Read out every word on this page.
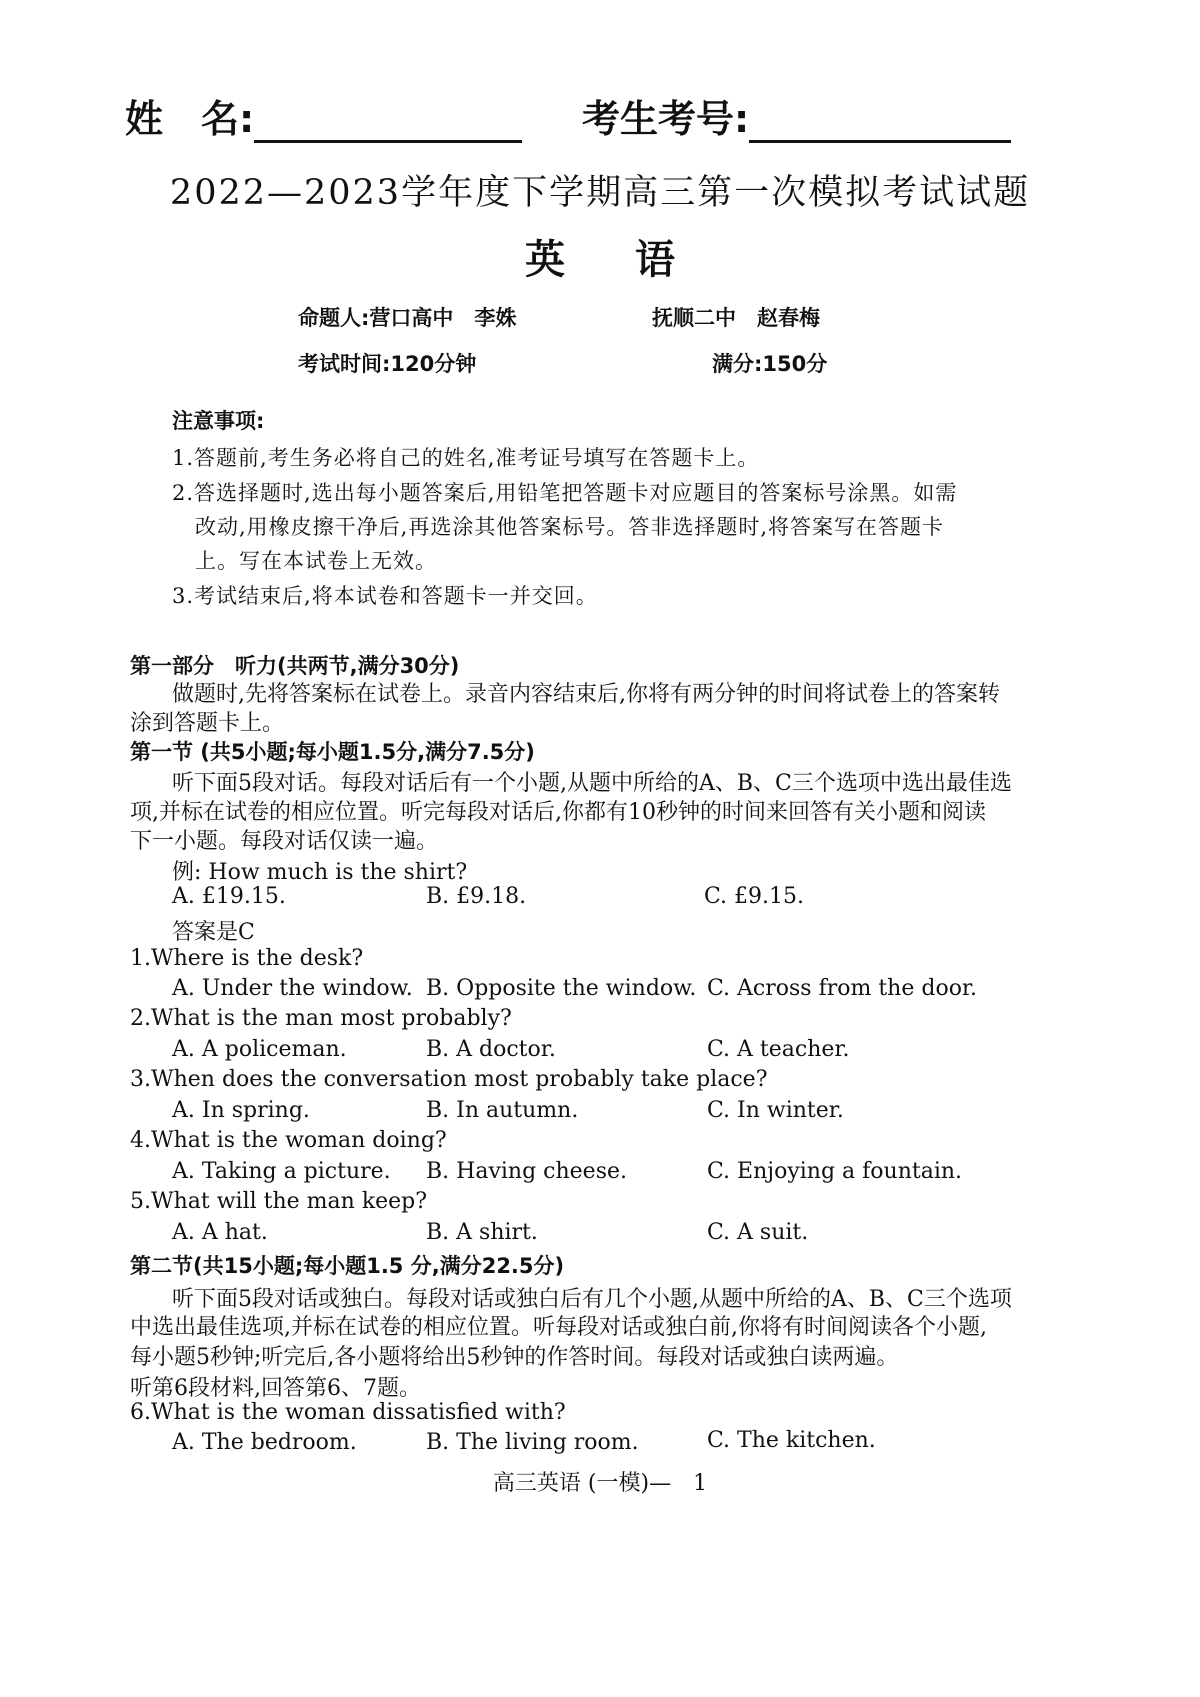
姓　名:	考生考号:
2022—2023学年度下学期高三第一次模拟考试试题
英语
命题人:营口高中　李姝	抚顺二中　赵春梅
考试时间:120分钟	满分:150分
注意事项:
1.答题前,考生务必将自己的姓名,准考证号填写在答题卡上。
2.答选择题时,选出每小题答案后,用铅笔把答题卡对应题目的答案标号涂黑。如需
改动,用橡皮擦干净后,再选涂其他答案标号。答非选择题时,将答案写在答题卡
上。写在本试卷上无效。
3.考试结束后,将本试卷和答题卡一并交回。
第一部分　听力(共两节,满分30分)
做题时,先将答案标在试卷上。录音内容结束后,你将有两分钟的时间将试卷上的答案转
涂到答题卡上。
第一节 (共5小题;每小题1.5分,满分7.5分)
听下面5段对话。每段对话后有一个小题,从题中所给的A、B、C三个选项中选出最佳选
项,并标在试卷的相应位置。听完每段对话后,你都有10秒钟的时间来回答有关小题和阅读
下一小题。每段对话仅读一遍。
例: How much is the shirt?
A. £19.15.	B. £9.18.	C. £9.15.
答案是C
1.Where is the desk?
A. Under the window. B. Opposite the window. C. Across from the door.
2.What is the man most probably?
A. A policeman.	B. A doctor.	C. A teacher.
3.When does the conversation most probably take place?
A. In spring.	B. In autumn.	C. In winter.
4.What is the woman doing?
A. Taking a picture. B. Having cheese.	C. Enjoying a fountain.
5.What will the man keep?
A. A hat.	B. A shirt.	C. A suit.
第二节(共15小题;每小题1.5 分,满分22.5分)
听下面5段对话或独白。每段对话或独白后有几个小题,从题中所给的A、B、C三个选项
中选出最佳选项,并标在试卷的相应位置。听每段对话或独白前,你将有时间阅读各个小题,
每小题5秒钟;听完后,各小题将给出5秒钟的作答时间。每段对话或独白读两遍。
听第6段材料,回答第6、7题。
6.What is the woman dissatisfied with?
A. The bedroom.	B. The living room.	C. The kitchen.
高三英语 (一模)—　1
